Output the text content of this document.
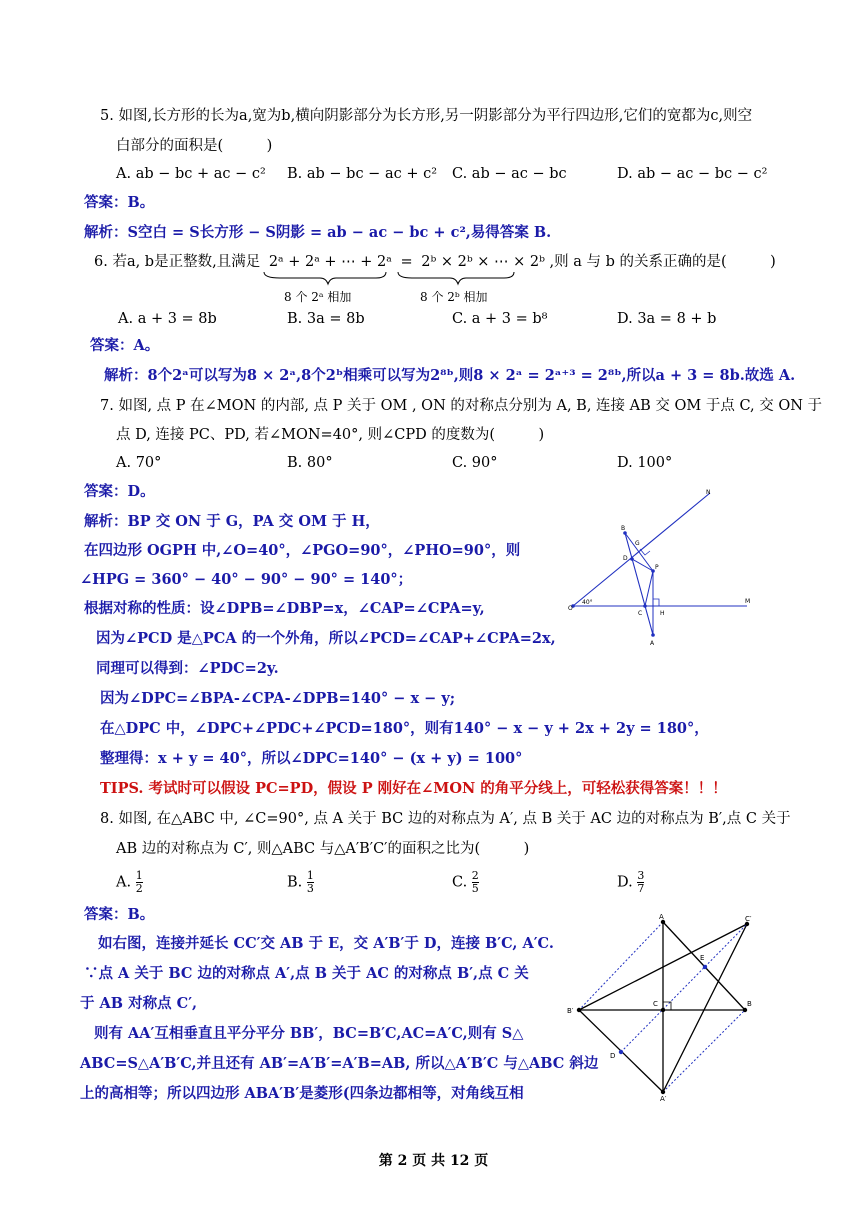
5. 如图,长方形的长为a,宽为b,横向阴影部分为长方形,另一阴影部分为平行四边形,它们的宽都为c,则空
白部分的面积是(　　　)
A. ab − bc + ac − c² B. ab − bc − ac + c² C. ab − ac − bc	D. ab − ac − bc − c²
答案：B。
解析：S空白 = S长方形 − S阴影 = ab − ac − bc + c²,易得答案 B.
6. 若a, b是正整数,且满足 2ᵃ + 2ᵃ + ⋯ + 2ᵃ = 2ᵇ × 2ᵇ × ⋯ × 2ᵇ ,则 a 与 b 的关系正确的是(　　　)
8 个 2ᵃ 相加	8 个 2ᵇ 相加
A. a + 3 = 8b	B. 3a = 8b	C. a + 3 = b⁸	D. 3a = 8 + b
答案：A。
解析：8个2ᵃ可以写为8 × 2ᵃ,8个2ᵇ相乘可以写为2⁸ᵇ,则8 × 2ᵃ = 2ᵃ⁺³ = 2⁸ᵇ,所以a + 3 = 8b.故选 A.
7. 如图, 点 P 在∠MON 的内部, 点 P 关于 OM , ON 的对称点分别为 A, B, 连接 AB 交 OM 于点 C, 交 ON 于
点 D, 连接 PC、PD, 若∠MON=40°, 则∠CPD 的度数为(　　　)
A. 70°	B. 80°	C. 90°	D. 100°
答案：D。
解析：BP 交 ON 于 G，PA 交 OM 于 H，
在四边形 OGPH 中,∠O=40°，∠PGO=90°，∠PHO=90°，则
∠HPG = 360° − 40° − 90° − 90° = 140°；
根据对称的性质：设∠DPB=∠DBP=x，∠CAP=∠CPA=y,
因为∠PCD 是△PCA 的一个外角，所以∠PCD=∠CAP+∠CPA=2x,
同理可以得到：∠PDC=2y.
因为∠DPC=∠BPA-∠CPA-∠DPB=140° − x − y;
在△DPC 中，∠DPC+∠PDC+∠PCD=180°，则有140° − x − y + 2x + 2y = 180°，
整理得：x + y = 40°，所以∠DPC=140° − (x + y) = 100°
TIPS. 考试时可以假设 PC=PD，假设 P 刚好在∠MON 的角平分线上，可轻松获得答案！！！
N
M
O
40°
B
G
D
P
C	H
A
8. 如图, 在△ABC 中, ∠C=90°, 点 A 关于 BC 边的对称点为 A′, 点 B 关于 AC 边的对称点为 B′,点 C 关于
AB 边的对称点为 C′, 则△ABC 与△A′B′C′的面积之比为(　　　)
A. $\frac{1}{2}$	B. $\frac{1}{3}$	C. $\frac{2}{5}$	D. $\frac{3}{7}$
答案：B。
如右图，连接并延长 CC′交 AB 于 E，交 A′B′于 D，连接 B′C, A′C.
∵点 A 关于 BC 边的对称点 A′,点 B 关于 AC 的对称点 B′,点 C 关
于 AB 对称点 C′,
则有 AA′互相垂直且平分平分 BB′，BC=B′C,AC=A′C,则有 S△
ABC=S△A′B′C,并且还有 AB′=A′B′=A′B=AB, 所以△A′B′C 与△ABC 斜边
上的高相等；所以四边形 ABA′B′是菱形(四条边都相等，对角线互相
A	C′
E
B′
C	B
D
A′
第 2 页 共 12 页
